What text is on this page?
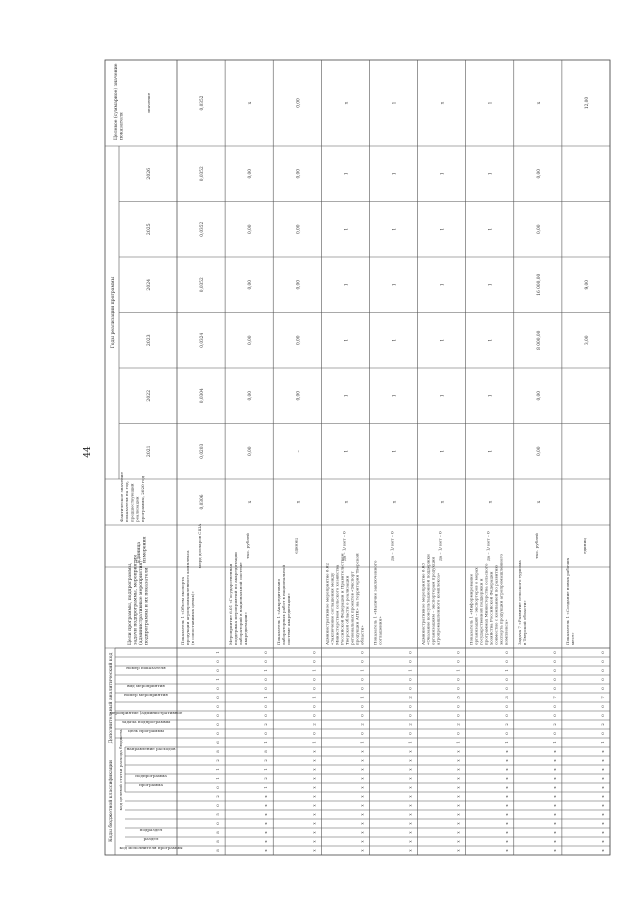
44
Коды бюджетной классификации
Дополнительный аналитический код
код целевой статьи расхода бюджета
код исполнителя программы
раздел
подраздел
программа
подпрограмма
направление расходов
цель программы
задача подпрограммы
мероприятие (административное
номер мероприятия
вид мероприятия
номер показателя
Цели программы, подпрограммы,задачи подпрограммы, мероприятия(административные мероприятия)подпрограммы и их показатели
Единицаизмерения
Фактическое значениепоказателя на год,предшествующийреализациипрограммы, 2020 год
Годы реализации программы
2021
2022
2023
2024
2025
2026
Целевое (суммарное) значениепоказателя
значение
8
8
8
0
5
0
2
0
1
1
2
8
6
0
0
0
0
0
0
1
0
0
1
Показатель 1 «Объем экспортапродукции агропромышленного комплекса(в сопоставимых ценах)»
млрд долларов США
0,0306
0,0203
0,0304
0,0324
0,0352
0,0352
0,0352
0,0352
х
х
х
х
х
х
х
1
2
1
2
8
1
0
2
0
0
1
0
0
1
0
0
Мероприятие 6.01 «Государственнаяподдержка мероприятий по аккредитациилабораторий в национальной системеаккредитации»
тыс. рублей
х
0,00
0,00
0,00
0,00
0,00
0,00
х
х
х
х
х
х
х
х
х
х
х
х
х
1
0
2
0
0
1
0
0
1
0
0
Показатель 1 «Аккредитованолабораторных работ в национальнойсистеме аккредитации»
единиц
х
–
0,00
0,00
0,00
0,00
0,00
0,00
х
х
х
х
х
х
х
х
х
х
х
х
1
0
2
0
0
1
0
0
1
0
0
Административное мероприятие 6.02«Заключение соглашения междуМинистерством сельского хозяйстваРоссийской Федерации и ПравительствомТверской области о реализациирегиональных проектов «Экспортпродукции АПК» на территории Тверскойобласти»
да – 1/ нет – 0
х
1
1
1
1
1
1
х
х
х
х
х
х
х
х
х
х
х
х
х
1
0
2
0
0
2
0
0
1
0
0
Показатель 1 «Наличие заключенногосоглашения»
да – 1/ нет – 0
х
1
1
1
1
1
1
1
х
х
х
х
х
х
х
х
х
х
х
х
1
0
2
0
0
3
0
0
1
0
0
Административное мероприятие 6.03«Оказание консультационной поддержкиорганизациям – экспортерам продукцииагропромышленного комплекса»
да – 1/ нет – 0
х
1
1
1
1
1
1
х
х
х
х
х
х
х
х
х
х
х
х
х
1
0
2
0
0
3
0
0
1
0
0
Показатель 1 «Информированиеорганизаций – экспортеров о мерахгосударственной поддержки ипрограммах Министерства сельскогохозяйства Российской Федерациисовместно с компанией по развитиюэкспорта продукции агропромышленногокомплекса»
да – 1/ нет – 0
х
1
1
1
1
1
1
1
х
х
х
х
х
х
х
х
х
х
х
х
1
0
2
0
0
7
0
0
0
0
0
Задача 7 «Развитие сельского туризмав Тверской области»
тыс. рублей
х
0,00
0,00
8 000,00
16 000,00
0,00
0,00
х
х
х
х
х
х
х
х
х
х
х
х
х
1
0
2
0
0
7
0
0
0
0
0
Показатель 1 «Создание новых рабочихмест»
единиц
3,00
9,00
12,00
